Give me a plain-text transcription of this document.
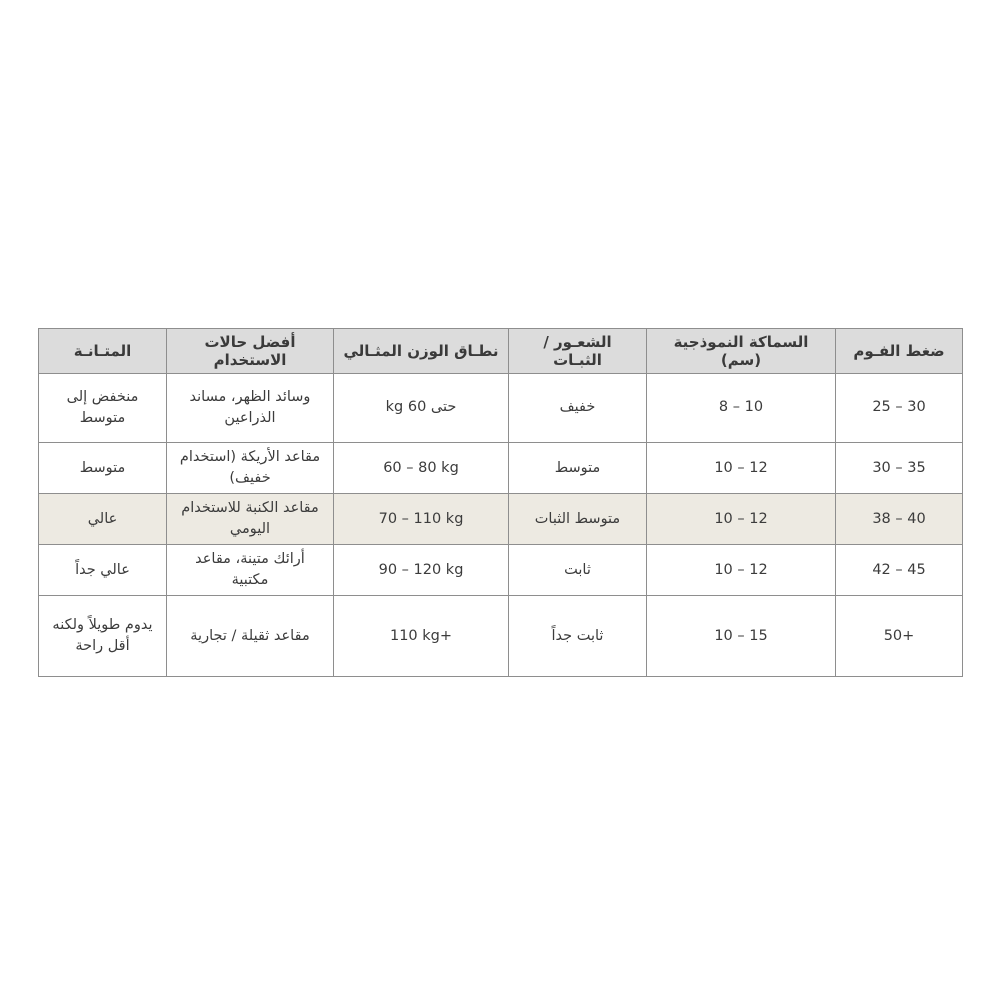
ضغط الفـوم	السماكة النموذجية (سم)	الشعـور / الثبـات	نطـاق الوزن المثـالي	أفضل حالات الاستخدام	المتـانـة
25 – 30	8 – 10	خفيف	حتى 60 kg	وسائد الظهر، مساند الذراعين	منخفض إلى متوسط
30 – 35	10 – 12	متوسط	60 – 80 kg	مقاعد الأريكة (استخدام خفيف)	متوسط
38 – 40	10 – 12	متوسط الثبات	70 – 110 kg	مقاعد الكنبة للاستخدام اليومي	عالي
42 – 45	10 – 12	ثابت	90 – 120 kg	أرائك متينة، مقاعد مكتبية	عالي جداً
50+	10 – 15	ثابت جداً	110 kg+	مقاعد ثقيلة / تجارية	يدوم طويلاً ولكنه أقل راحة
